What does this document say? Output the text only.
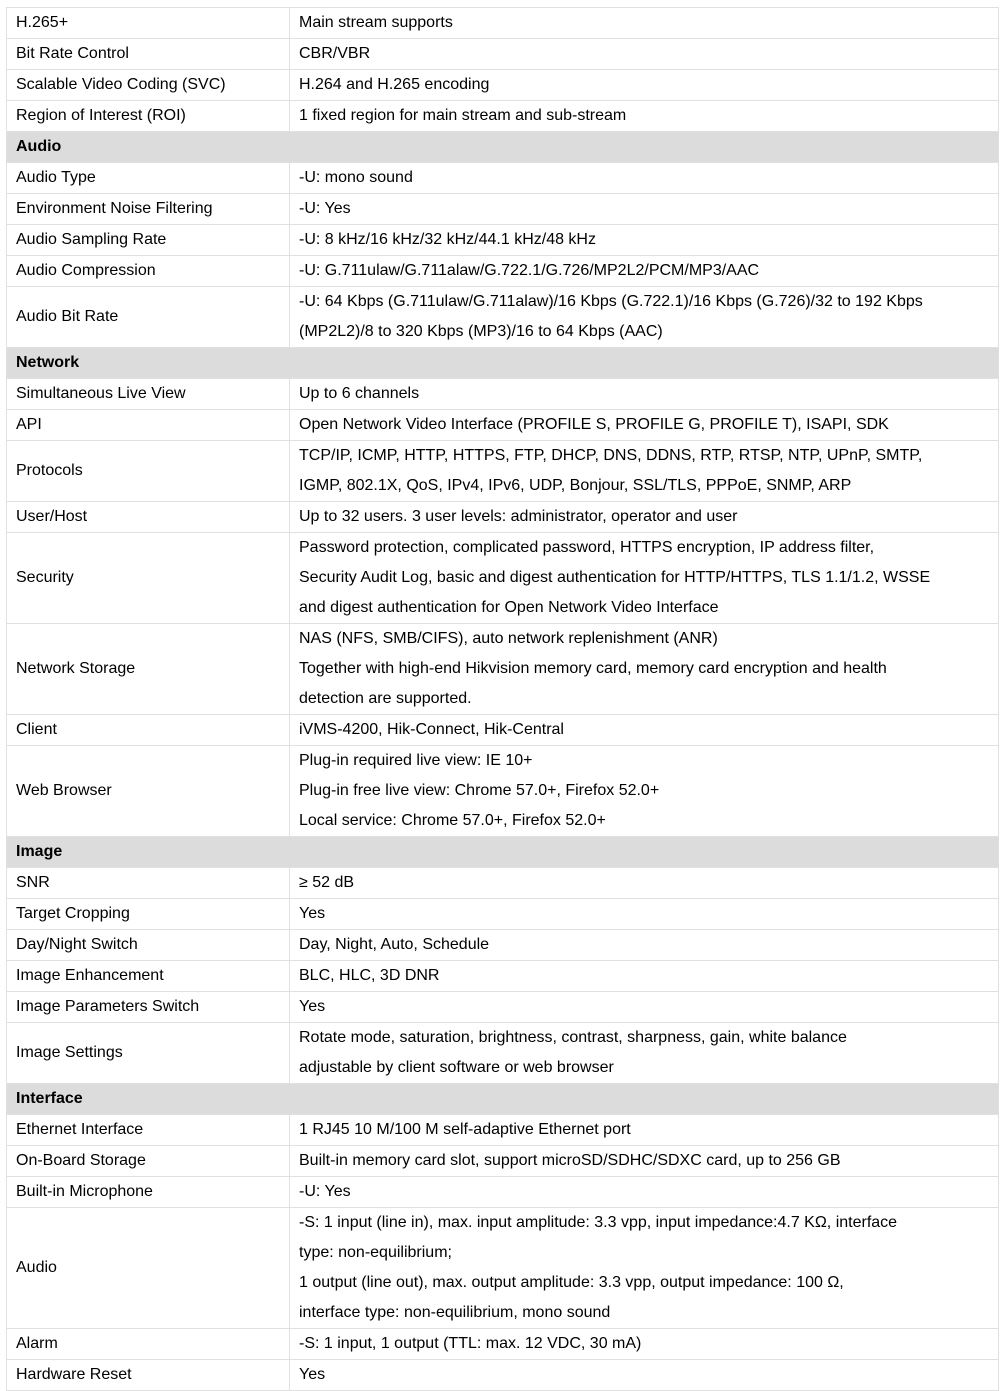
H.265+	Main stream supports

Bit Rate Control	CBR/VBR

Scalable Video Coding (SVC)	H.264 and H.265 encoding

Region of Interest (ROI)	1 fixed region for main stream and sub-stream

Audio	
Audio Type	-U: mono sound

Environment Noise Filtering	-U: Yes

Audio Sampling Rate	-U: 8 kHz/16 kHz/32 kHz/44.1 kHz/48 kHz

Audio Compression	-U: G.711ulaw/G.711alaw/G.722.1/G.726/MP2L2/PCM/MP3/AAC

Audio Bit Rate	-U: 64 Kbps (G.711ulaw/G.711alaw)/16 Kbps (G.722.1)/16 Kbps (G.726)/32 to 192 Kbps
(MP2L2)/8 to 320 Kbps (MP3)/16 to 64 Kbps (AAC)

Network	
Simultaneous Live View	Up to 6 channels

API	Open Network Video Interface (PROFILE S, PROFILE G, PROFILE T), ISAPI, SDK

Protocols	TCP/IP, ICMP, HTTP, HTTPS, FTP, DHCP, DNS, DDNS, RTP, RTSP, NTP, UPnP, SMTP,
IGMP, 802.1X, QoS, IPv4, IPv6, UDP, Bonjour, SSL/TLS, PPPoE, SNMP, ARP

User/Host	Up to 32 users. 3 user levels: administrator, operator and user

Security	Password protection, complicated password, HTTPS encryption, IP address filter,
Security Audit Log, basic and digest authentication for HTTP/HTTPS, TLS 1.1/1.2, WSSE
and digest authentication for Open Network Video Interface

Network Storage	NAS (NFS, SMB/CIFS), auto network replenishment (ANR)
Together with high-end Hikvision memory card, memory card encryption and health
detection are supported.

Client	iVMS-4200, Hik-Connect, Hik-Central

Web Browser	Plug-in required live view: IE 10+
Plug-in free live view: Chrome 57.0+, Firefox 52.0+
Local service: Chrome 57.0+, Firefox 52.0+

Image	
SNR	≥ 52 dB

Target Cropping	Yes

Day/Night Switch	Day, Night, Auto, Schedule

Image Enhancement	BLC, HLC, 3D DNR

Image Parameters Switch	Yes

Image Settings	Rotate mode, saturation, brightness, contrast, sharpness, gain, white balance
adjustable by client software or web browser

Interface	
Ethernet Interface	1 RJ45 10 M/100 M self-adaptive Ethernet port

On-Board Storage	Built-in memory card slot, support microSD/SDHC/SDXC card, up to 256 GB

Built-in Microphone	-U: Yes

Audio	-S: 1 input (line in), max. input amplitude: 3.3 vpp, input impedance:4.7 KΩ, interface
type: non-equilibrium;
1 output (line out), max. output amplitude: 3.3 vpp, output impedance: 100 Ω,
interface type: non-equilibrium, mono sound

Alarm	-S: 1 input, 1 output (TTL: max. 12 VDC, 30 mA)

Hardware Reset	Yes
